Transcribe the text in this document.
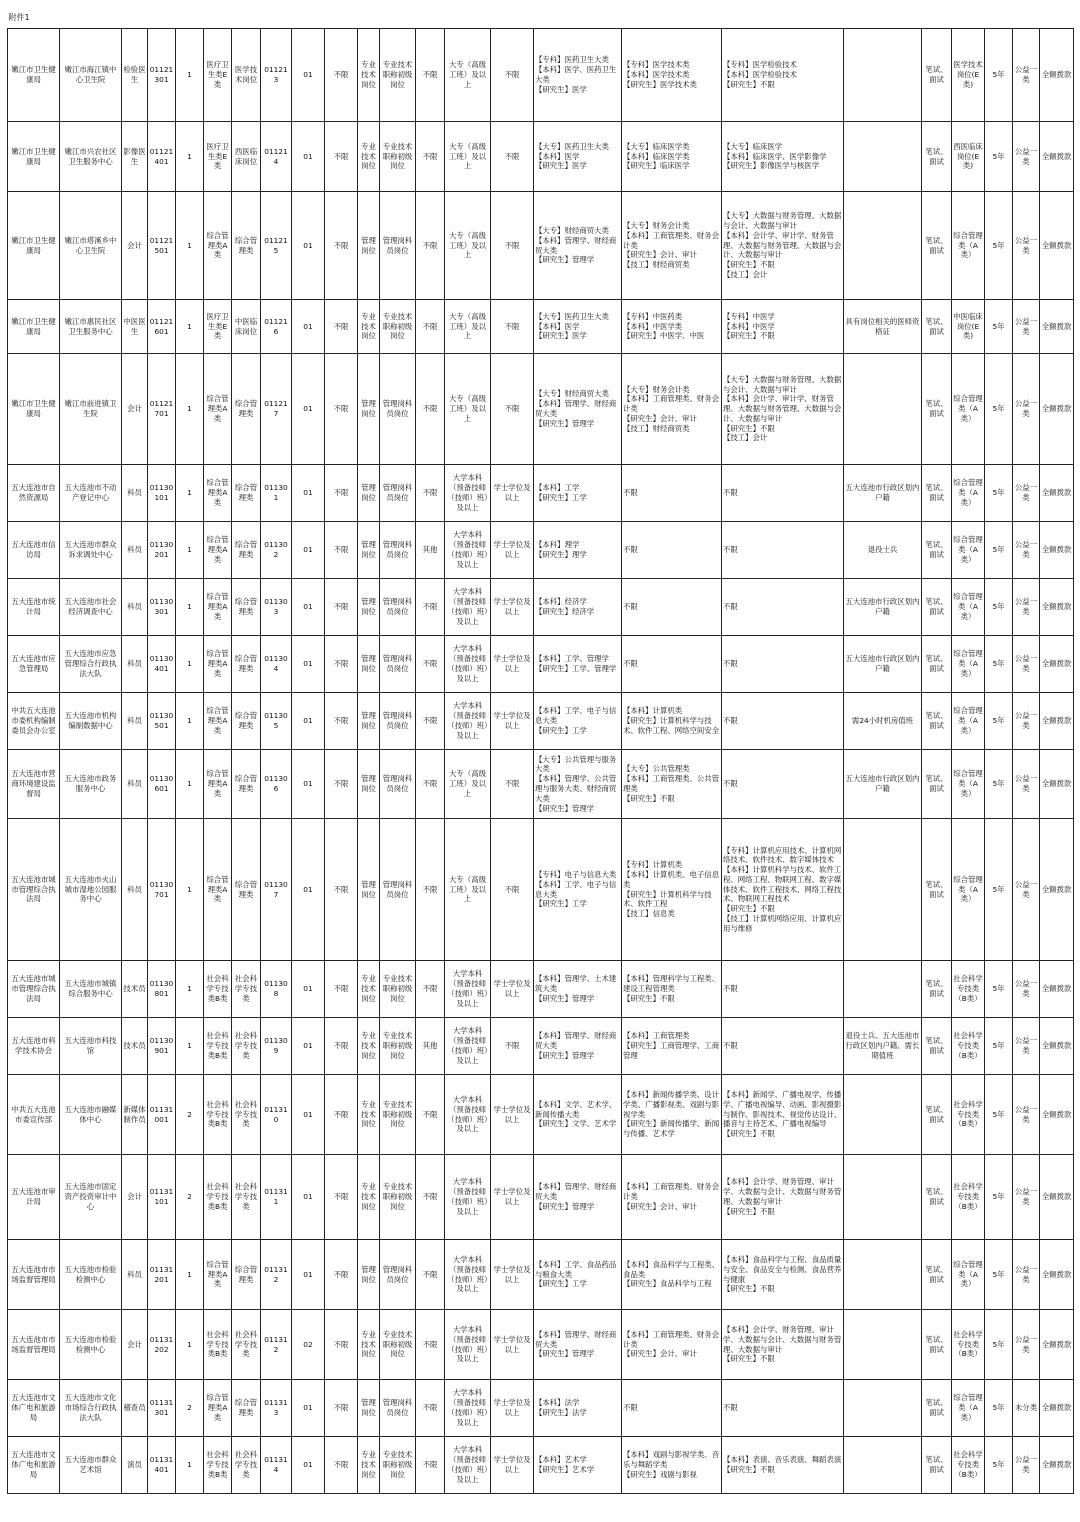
附件1																							
嫩江市卫生健康局	嫩江市海江镇中心卫生院	检验医生	01121301	1	医疗卫生类E类	医学技术岗位	011213	01	不限	专业技术岗位	专业技术职称初级岗位	不限	大专（高级工班）及以上	不限	【专科】医药卫生大类
【本科】医学、医药卫生大类
【研究生】医学	【专科】医学技术类
【本科】医学技术类
【研究生】医学技术类	【专科】医学检验技术
【本科】医学检验技术
【研究生】不限		笔试、面试	医学技术岗位(E类)	5年	公益一类	全额拨款
嫩江市卫生健康局	嫩江市兴农社区卫生服务中心	影像医生	01121401	1	医疗卫生类E类	西医临床岗位	011214	01	不限	专业技术岗位	专业技术职称初级岗位	不限	大专（高级工班）及以上	不限	【大专】医药卫生大类
【本科】医学
【研究生】医学	【大专】临床医学类
【本科】临床医学类
【研究生】临床医学	【大专】临床医学
【本科】临床医学、医学影像学
【研究生】影像医学与核医学		笔试、面试	西医临床岗位(E类)	5年	公益一类	全额拨款
嫩江市卫生健康局	嫩江市塔溪乡中心卫生院	会计	01121501	1	综合管理类A类	综合管理类	011215	01	不限	管理岗位	管理岗科员岗位	不限	大专（高级工班）及以上	不限	【大专】财经商贸大类
【本科】管理学、财经商贸大类
【研究生】管理学	【大专】财务会计类
【本科】工商管理类、财务会计类
【研究生】会计、审计
【技工】财经商贸类	【大专】大数据与财务管理、大数据与会计、大数据与审计
【本科】会计学、审计学、财务管理、大数据与财务管理、大数据与会计、大数据与审计
【研究生】不限
【技工】会计		笔试、面试	综合管理类（A类）	5年	公益一类	全额拨款
嫩江市卫生健康局	嫩江市惠民社区卫生服务中心	中医医生	01121601	1	医疗卫生类E类	中医临床岗位	011216	01	不限	专业技术岗位	专业技术职称初级岗位	不限	大专（高级工班）及以上	不限	【大专】医药卫生大类
【本科】医学
【研究生】医学	【专科】中医药类
【本科】中医学类
【研究生】中医学、中医	【专科】中医学
【本科】中医学
【研究生】不限	具有岗位相关的医师资格证	笔试、面试	中医临床岗位(E类)	5年	公益一类	全额拨款
嫩江市卫生健康局	嫩江市前进镇卫生院	会计	01121701	1	综合管理类A类	综合管理类	011217	01	不限	管理岗位	管理岗科员岗位	不限	大专（高级工班）及以上	不限	【大专】财经商贸大类
【本科】管理学、财经商贸大类
【研究生】管理学	【大专】财务会计类
【本科】工商管理类、财务会计类
【研究生】会计、审计
【技工】财经商贸类	【大专】大数据与财务管理、大数据与会计、大数据与审计
【本科】会计学、审计学、财务管理、大数据与财务管理、大数据与会计、大数据与审计
【研究生】不限
【技工】会计		笔试、面试	综合管理类（A类）	5年	公益一类	全额拨款
五大连池市自然资源局	五大连池市不动产登记中心	科员	01130101	1	综合管理类A类	综合管理类	011301	01	不限	管理岗位	管理岗科员岗位	不限	大学本科（预备技师（技师）班）及以上	学士学位及以上	【本科】工学
【研究生】工学	不限	不限	五大连池市行政区划内户籍	笔试、面试	综合管理类（A类）	5年	公益一类	全额拨款
五大连池市信访局	五大连池市群众诉求调处中心	科员	01130201	1	综合管理类A类	综合管理类	011302	01	不限	管理岗位	管理岗科员岗位	其他	大学本科（预备技师（技师）班）及以上	学士学位及以上	【本科】理学
【研究生】理学	不限	不限	退役士兵	笔试、面试	综合管理类（A类）	5年	公益一类	全额拨款
五大连池市统计局	五大连池市社会经济调查中心	科员	01130301	1	综合管理类A类	综合管理类	011303	01	不限	管理岗位	管理岗科员岗位	不限	大学本科（预备技师（技师）班）及以上	学士学位及以上	【本科】经济学
【研究生】经济学	不限	不限	五大连池市行政区划内户籍	笔试、面试	综合管理类（A类）	5年	公益一类	全额拨款
五大连池市应急管理局	五大连池市应急管理综合行政执法大队	科员	01130401	1	综合管理类A类	综合管理类	011304	01	不限	管理岗位	管理岗科员岗位	不限	大学本科（预备技师（技师）班）及以上	学士学位及以上	【本科】工学、管理学
【研究生】工学、管理学	不限	不限	五大连池市行政区划内户籍	笔试、面试	综合管理类（A类）	5年	公益一类	全额拨款
中共五大连池市委机构编制委员会办公室	五大连池市机构编制数据中心	科员	01130501	1	综合管理类A类	综合管理类	011305	01	不限	管理岗位	管理岗科员岗位	不限	大学本科（预备技师（技师）班）及以上	学士学位及以上	【本科】工学、电子与信息大类
【研究生】工学	【本科】计算机类
【研究生】计算机科学与技术、软件工程、网络空间安全	不限	需24小时机房值班	笔试、面试	综合管理类（A类）	5年	公益一类	全额拨款
五大连池市营商环境建设监督局	五大连池市政务服务中心	科员	01130601	1	综合管理类A类	综合管理类	011306	01	不限	管理岗位	管理岗科员岗位	不限	大专（高级工班）及以上	不限	【大专】公共管理与服务大类
【本科】管理学、公共管理与服务大类、财经商贸大类
【研究生】管理学	【大专】公共管理类
【本科】工商管理类、公共管理类
【研究生】不限	不限	五大连池市行政区划内户籍	笔试、面试	综合管理类（A类）	5年	公益一类	全额拨款
五大连池市城市管理综合执法局	五大连池市火山城市湿地公园服务中心	科员	01130701	1	综合管理类A类	综合管理类	011307	01	不限	管理岗位	管理岗科员岗位	不限	大专（高级工班）及以上	不限	【专科】电子与信息大类
【本科】工学、电子与信息大类
【研究生】工学	【专科】计算机类
【本科】计算机类、电子信息类
【研究生】计算机科学与技术、软件工程
【技工】信息类	【专科】计算机应用技术、计算机网络技术、软件技术、数字媒体技术
【本科】计算机科学与技术、软件工程、网络工程、物联网工程、数字媒体技术、软件工程技术、网络工程技术、物联网工程技术
【研究生】不限
【技工】计算机网络应用、计算机应用与维修		笔试、面试	综合管理类（A类）	5年	公益一类	全额拨款
五大连池市城市管理综合执法局	五大连池市城镇综合服务中心	技术员	01130801	1	社会科学专技类B类	社会科学专技类	011308	01	不限	专业技术岗位	专业技术职称初级岗位	不限	大学本科（预备技师（技师）班）及以上	学士学位及以上	【本科】管理学、土木建筑大类
【研究生】管理学	【本科】管理科学与工程类、建设工程管理类
【研究生】不限	不限		笔试、面试	社会科学专技类（B类）	5年	公益一类	全额拨款
五大连池市科学技术协会	五大连池市科技馆	技术员	01130901	1	社会科学专技类B类	社会科学专技类	011309	01	不限	专业技术岗位	专业技术职称初级岗位	其他	大学本科（预备技师（技师）班）及以上	不限	【本科】管理学、财经商贸大类
【研究生】管理学	【本科】工商管理类
【研究生】工商管理学、工商管理	不限	退役士兵、五大连池市行政区划内户籍、需长期值班	笔试、面试	社会科学专技类（B类）	5年	公益一类	全额拨款
中共五大连池市委宣传部	五大连池市融媒体中心	新媒体制作员	01131001	2	社会科学专技类B类	社会科学专技类	011310	01	不限	专业技术岗位	专业技术职称初级岗位	不限	大学本科（预备技师（技师）班）及以上	学士学位及以上	【本科】文学、艺术学、新闻传播大类
【研究生】文学、艺术学	【本科】新闻传播学类、设计学类、广播影视类、戏剧与影视学类
【研究生】新闻传播学、新闻与传播、艺术学	【本科】新闻学、广播电视学、传播学、广播电视编导、动画、影视摄影与制作、影视技术、视觉传达设计、播音与主持艺术、广播电视编导
【研究生】不限		笔试、面试	社会科学专技类（B类）	5年	公益一类	全额拨款
五大连池市审计局	五大连池市固定资产投资审计中心	会计	01131101	2	社会科学专技类B类	社会科学专技类	011311	01	不限	专业技术岗位	专业技术职称初级岗位	不限	大学本科（预备技师（技师）班）及以上	学士学位及以上	【本科】管理学、财经商贸大类
【研究生】管理学	【本科】工商管理类、财务会计类
【研究生】会计、审计	【本科】会计学、财务管理、审计学、大数据与会计、大数据与财务管理、大数据与审计
【研究生】不限		笔试、面试	社会科学专技类（B类）	5年	公益一类	全额拨款
五大连池市市场监督管理局	五大连池市检验检测中心	科员	01131201	1	综合管理类A类	综合管理类	011312	01	不限	管理岗位	管理岗科员岗位	不限	大学本科（预备技师（技师）班）及以上	学士学位及以上	【本科】工学、食品药品与粮食大类
【研究生】工学	【本科】食品科学与工程类、食品类
【研究生】食品科学与工程	【本科】食品科学与工程、食品质量与安全、食品安全与检测、食品营养与健康
【研究生】不限		笔试、面试	综合管理类（A类）	5年	公益一类	全额拨款
五大连池市市场监督管理局	五大连池市检验检测中心	会计	01131202	1	社会科学专技类B类	社会科学专技类	011312	02	不限	专业技术岗位	专业技术职称初级岗位	不限	大学本科（预备技师（技师）班）及以上	学士学位及以上	【本科】管理学、财经商贸大类
【研究生】管理学	【本科】工商管理类、财务会计类
【研究生】会计、审计	【本科】会计学、财务管理、审计学、大数据与会计、大数据与财务管理、大数据与审计
【研究生】不限		笔试、面试	社会科学专技类（B类）	5年	公益一类	全额拨款
五大连池市文体广电和旅游局	五大连池市文化市场综合行政执法大队	稽查员	01131301	2	综合管理类A类	综合管理类	011313	01	不限	管理岗位	管理岗科员岗位	不限	大学本科（预备技师（技师）班）及以上	学士学位及以上	【本科】法学
【研究生】法学	不限	不限		笔试、面试	综合管理类（A类）	5年	未分类	全额拨款
五大连池市文体广电和旅游局	五大连池市群众艺术馆	演员	01131401	1	社会科学专技类B类	社会科学专技类	011314	01	不限	专业技术岗位	专业技术职称初级岗位	不限	大学本科（预备技师（技师）班）及以上	学士学位及以上	【本科】艺术学
【研究生】艺术学	【本科】戏剧与影视学类、音乐与舞蹈学类
【研究生】戏剧与影视	【本科】表演、音乐表演、舞蹈表演
【研究生】不限		笔试、面试	社会科学专技类（B类）	5年	公益一类	全额拨款
